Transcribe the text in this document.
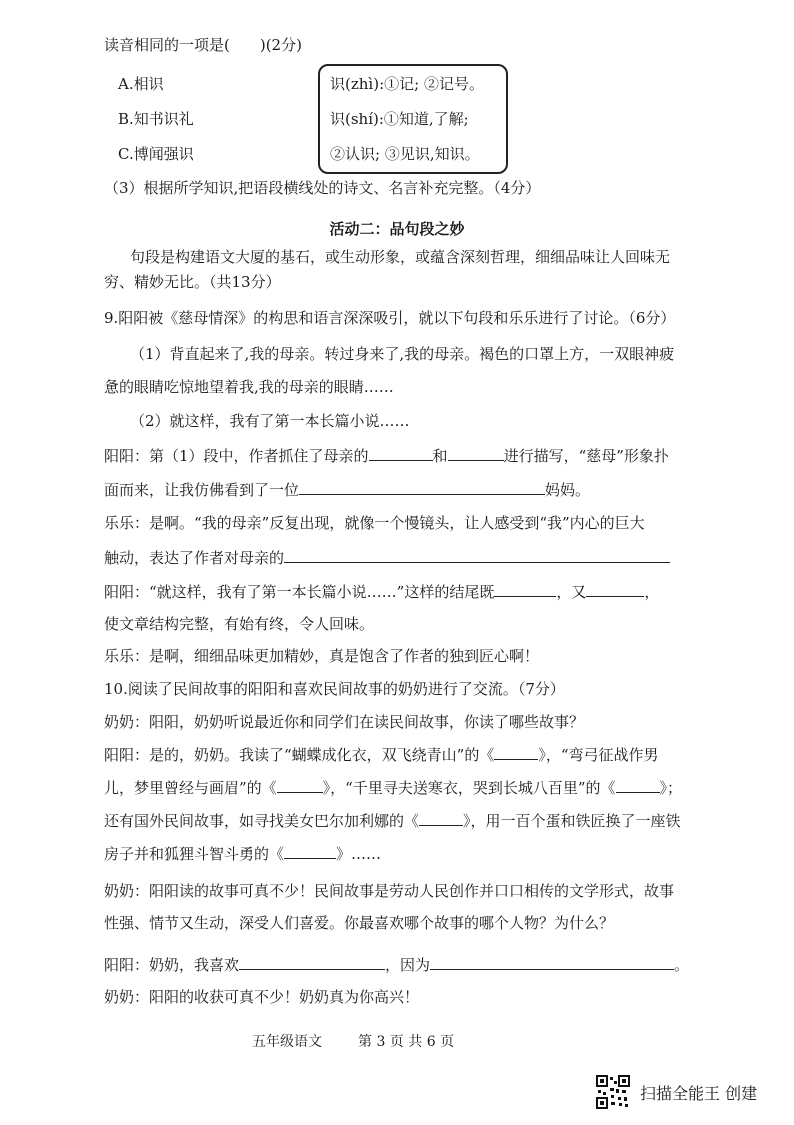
读音相同的一项是(　　)(2分)
A.相识
B.知书识礼
C.博闻强识
识(zhì):①记; ②记号。
识(shí):①知道,了解;
②认识; ③见识,知识。
（3）根据所学知识,把语段横线处的诗文、名言补充完整。（4分）
活动二：品句段之妙
句段是构建语文大厦的基石，或生动形象，或蕴含深刻哲理，细细品味让人回味无
穷、精妙无比。（共13分）
9.阳阳被《慈母情深》的构思和语言深深吸引，就以下句段和乐乐进行了讨论。（6分）
（1）背直起来了,我的母亲。转过身来了,我的母亲。褐色的口罩上方，一双眼神疲
惫的眼睛吃惊地望着我,我的母亲的眼睛……
（2）就这样，我有了第一本长篇小说……
阳阳：第（1）段中，作者抓住了母亲的	和	进行描写，“慈母”形象扑
面而来，让我仿佛看到了一位	妈妈。
乐乐：是啊。“我的母亲”反复出现，就像一个慢镜头，让人感受到“我”内心的巨大
触动，表达了作者对母亲的
阳阳：“就这样，我有了第一本长篇小说……”这样的结尾既	，又	，
使文章结构完整，有始有终，令人回味。
乐乐：是啊，细细品味更加精妙，真是饱含了作者的独到匠心啊！
10.阅读了民间故事的阳阳和喜欢民间故事的奶奶进行了交流。（7分）
奶奶：阳阳，奶奶听说最近你和同学们在读民间故事，你读了哪些故事？
阳阳：是的，奶奶。我读了“蝴蝶成化衣，双飞绕青山”的《	》，“弯弓征战作男
儿，梦里曾经与画眉”的《	》，“千里寻夫送寒衣，哭到长城八百里”的《	》；
还有国外民间故事，如寻找美女巴尔加利娜的《	》，用一百个蛋和铁匠换了一座铁
房子并和狐狸斗智斗勇的《	》……
奶奶：阳阳读的故事可真不少！民间故事是劳动人民创作并口口相传的文学形式，故事
性强、情节又生动，深受人们喜爱。你最喜欢哪个故事的哪个人物？为什么？
阳阳：奶奶，我喜欢	，因为	。
奶奶：阳阳的收获可真不少！奶奶真为你高兴！
五年级语文	第 3 页 共 6 页
扫描全能王 创建
